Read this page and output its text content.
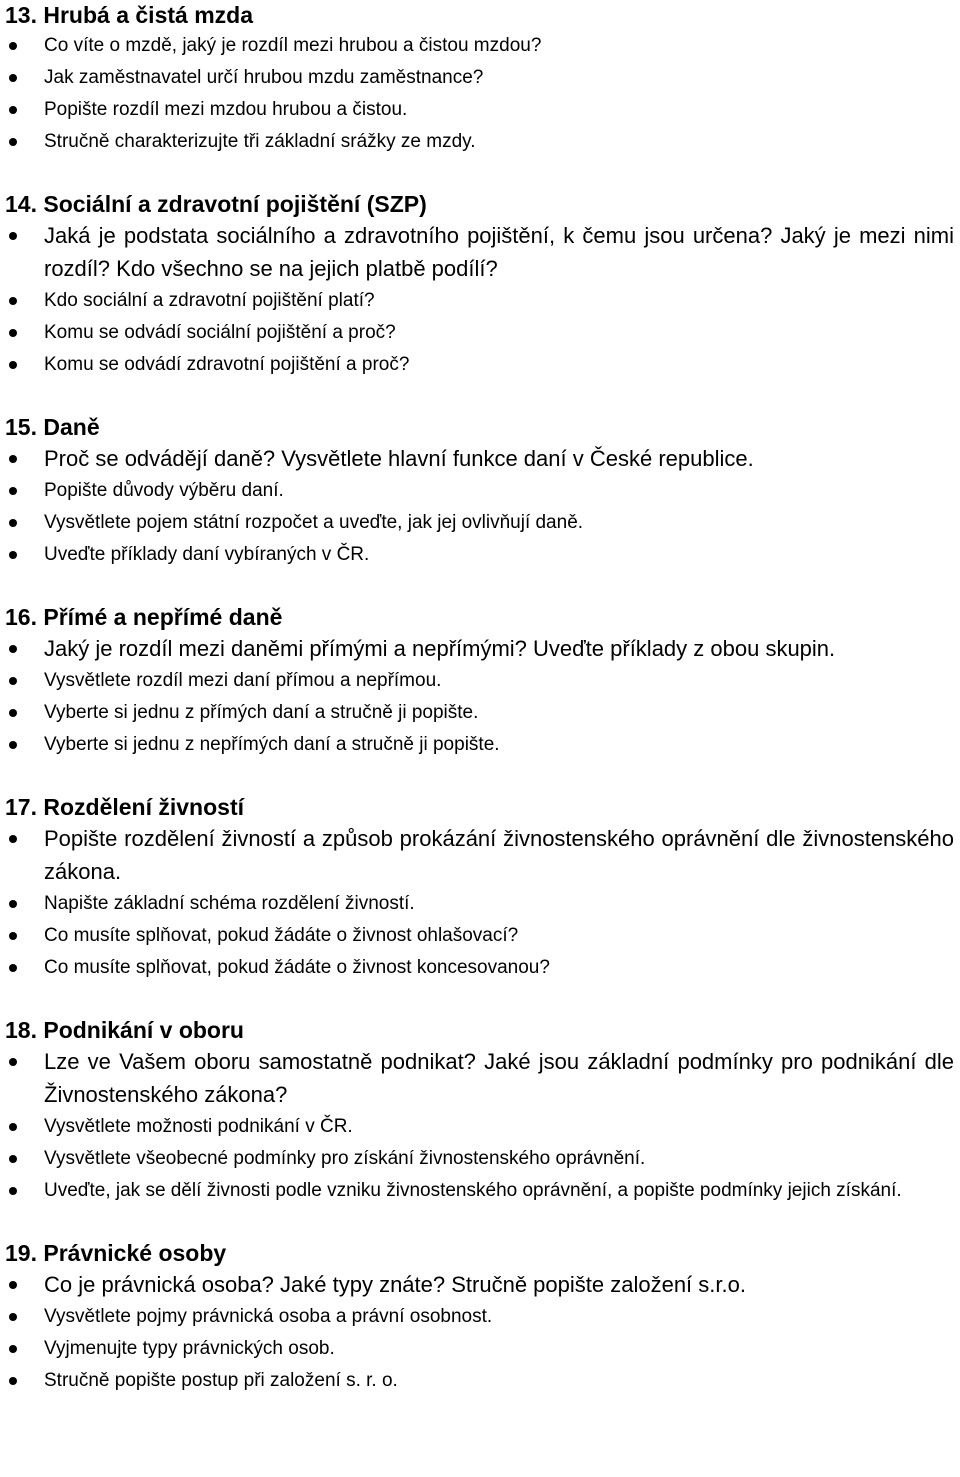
13. Hrubá a čistá mzda
Co víte o mzdě, jaký je rozdíl mezi hrubou a čistou mzdou?
Jak zaměstnavatel určí hrubou mzdu zaměstnance?
Popište rozdíl mezi mzdou hrubou a čistou.
Stručně charakterizujte tři základní srážky ze mzdy.
14. Sociální a zdravotní pojištění (SZP)
Jaká je podstata sociálního a zdravotního pojištění, k čemu jsou určena? Jaký je mezi nimi rozdíl? Kdo všechno se na jejich platbě podílí?
Kdo sociální a zdravotní pojištění platí?
Komu se odvádí sociální pojištění a proč?
Komu se odvádí zdravotní pojištění a proč?
15. Daně
Proč se odvádějí daně? Vysvětlete hlavní funkce daní v České republice.
Popište důvody výběru daní.
Vysvětlete pojem státní rozpočet a uveďte, jak jej ovlivňují daně.
Uveďte příklady daní vybíraných v ČR.
16. Přímé a nepřímé daně
Jaký je rozdíl mezi daněmi přímými a nepřímými? Uveďte příklady z obou skupin.
Vysvětlete rozdíl mezi daní přímou a nepřímou.
Vyberte si jednu z přímých daní a stručně ji popište.
Vyberte si jednu z nepřímých daní a stručně ji popište.
17. Rozdělení živností
Popište rozdělení živností a způsob prokázání živnostenského oprávnění dle živnostenského zákona.
Napište základní schéma rozdělení živností.
Co musíte splňovat, pokud žádáte o živnost ohlašovací?
Co musíte splňovat, pokud žádáte o živnost koncesovanou?
18. Podnikání v oboru
Lze ve Vašem oboru samostatně podnikat? Jaké jsou základní podmínky pro podnikání dle Živnostenského zákona?
Vysvětlete možnosti podnikání v ČR.
Vysvětlete všeobecné podmínky pro získání živnostenského oprávnění.
Uveďte, jak se dělí živnosti podle vzniku živnostenského oprávnění, a popište podmínky jejich získání.
19. Právnické osoby
Co je právnická osoba? Jaké typy znáte? Stručně popište založení s.r.o.
Vysvětlete pojmy právnická osoba a právní osobnost.
Vyjmenujte typy právnických osob.
Stručně popište postup při založení s. r. o.
